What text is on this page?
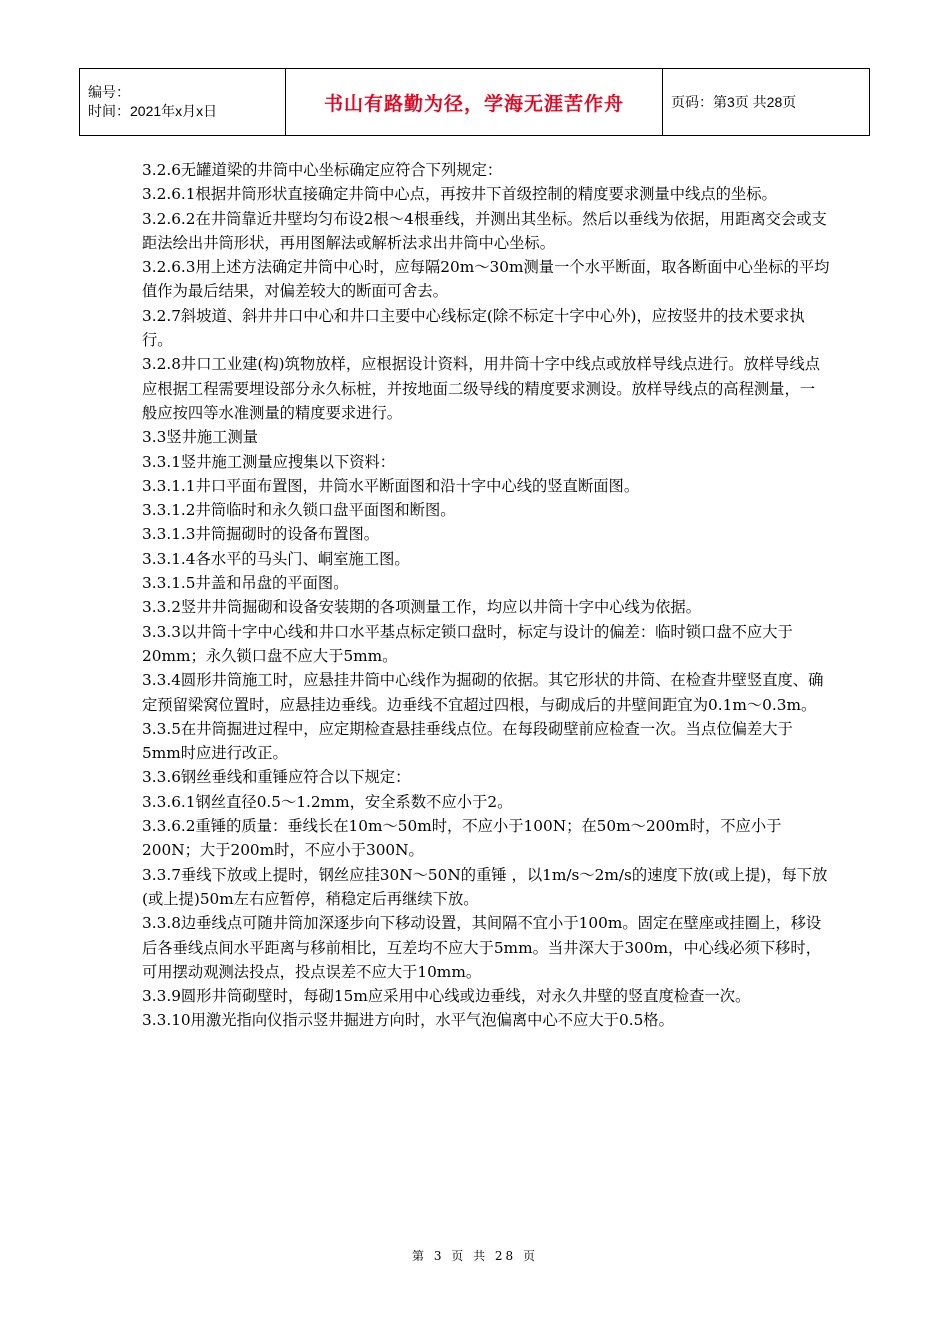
编号：
时间：2021年x月x日	书山有路勤为径，学海无涯苦作舟	页码：第3页 共28页

3.2.6无罐道梁的井筒中心坐标确定应符合下列规定：

3.2.6.1根据井筒形状直接确定井筒中心点，再按井下首级控制的精度要求测量中线点的坐标。

3.2.6.2在井筒靠近井壁均匀布设2根～4根垂线，并测出其坐标。然后以垂线为依据，用距离交会或支距法绘出井筒形状，再用图解法或解析法求出井筒中心坐标。

3.2.6.3用上述方法确定井筒中心时，应每隔20m～30m测量一个水平断面，取各断面中心坐标的平均值作为最后结果，对偏差较大的断面可舍去。

3.2.7斜坡道、斜井井口中心和井口主要中心线标定(除不标定十字中心外)，应按竖井的技术要求执行。

3.2.8井口工业建(构)筑物放样，应根据设计资料，用井筒十字中线点或放样导线点进行。放样导线点应根据工程需要埋设部分永久标桩，并按地面二级导线的精度要求测设。放样导线点的高程测量，一般应按四等水准测量的精度要求进行。

3.3竖井施工测量

3.3.1竖井施工测量应搜集以下资料：

3.3.1.1井口平面布置图，井筒水平断面图和沿十字中心线的竖直断面图。

3.3.1.2井筒临时和永久锁口盘平面图和断图。

3.3.1.3井筒掘砌时的设备布置图。

3.3.1.4各水平的马头门、峒室施工图。

3.3.1.5井盖和吊盘的平面图。

3.3.2竖井井筒掘砌和设备安装期的各项测量工作，均应以井筒十字中心线为依据。

3.3.3以井筒十字中心线和井口水平基点标定锁口盘时，标定与设计的偏差：临时锁口盘不应大于20mm；永久锁口盘不应大于5mm。

3.3.4圆形井筒施工时，应悬挂井筒中心线作为掘砌的依据。其它形状的井筒、在检查井壁竖直度、确定预留梁窝位置时，应悬挂边垂线。边垂线不宜超过四根，与砌成后的井壁间距宜为0.1m～0.3m。

3.3.5在井筒掘进过程中，应定期检查悬挂垂线点位。在每段砌壁前应检查一次。当点位偏差大于5mm时应进行改正。

3.3.6钢丝垂线和重锤应符合以下规定：

3.3.6.1钢丝直径0.5～1.2mm，安全系数不应小于2。

3.3.6.2重锤的质量：垂线长在10m～50m时，不应小于100N；在50m～200m时，不应小于200N；大于200m时，不应小于300N。

3.3.7垂线下放或上提时，钢丝应挂30N～50N的重锤 ，以1m/s～2m/s的速度下放(或上提)，每下放(或上提)50m左右应暂停，稍稳定后再继续下放。

3.3.8边垂线点可随井筒加深逐步向下移动设置，其间隔不宜小于100m。固定在壁座或挂圈上，移设后各垂线点间水平距离与移前相比，互差均不应大于5mm。当井深大于300m，中心线必须下移时，可用摆动观测法投点，投点误差不应大于10mm。

3.3.9圆形井筒砌壁时，每砌15m应采用中心线或边垂线，对永久井壁的竖直度检查一次。

3.3.10用激光指向仪指示竖井掘进方向时，水平气泡偏离中心不应大于0.5格。

第 3 页 共 28 页
